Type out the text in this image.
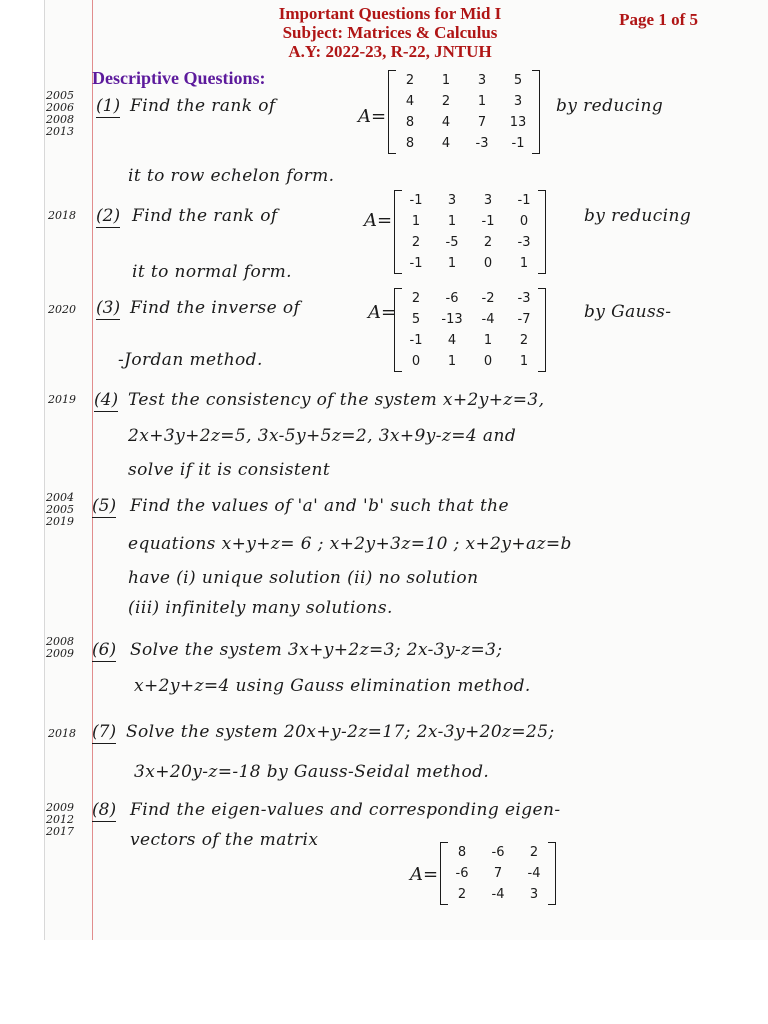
Important Questions for Mid I
Subject: Matrices & Calculus
A.Y: 2022-23, R-22, JNTUH
Page 1 of 5
Descriptive Questions:
2005
2006
2008
2013
(1) Find the rank of	A=
2	1	3	5
4	2	1	3
8	4	7	13
8	4	-3	-1
by reducing
it to row echelon form.
2018 (2) Find the rank of	A=
-1	3	3	-1
1	1	-1	0
2	-5	2	-3
-1	1	0	1
by reducing
it to normal form.
2020 (3) Find the inverse of	A=
2	-6	-2	-3
5	-13	-4	-7
-1	4	1	2
0	1	0	1
by Gauss-
-Jordan method.
2019 (4) Test the consistency of the system x+2y+z=3,
2x+3y+2z=5, 3x-5y+5z=2, 3x+9y-z=4 and
solve if it is consistent
2004
2005
2019
(5) Find the values of 'a' and 'b' such that the
equations x+y+z= 6 ; x+2y+3z=10 ; x+2y+az=b
have (i) unique solution (ii) no solution
(iii) infinitely many solutions.
2008
2009 (6) Solve the system 3x+y+2z=3; 2x-3y-z=3;
x+2y+z=4 using Gauss elimination method.
2018 (7) Solve the system 20x+y-2z=17; 2x-3y+20z=25;
3x+20y-z=-18 by Gauss-Seidal method.
2009
2012
2017
(8) Find the eigen-values and corresponding eigen-
vectors of the matrix
A=
8	-6	2
-6	7	-4
2	-4	3
